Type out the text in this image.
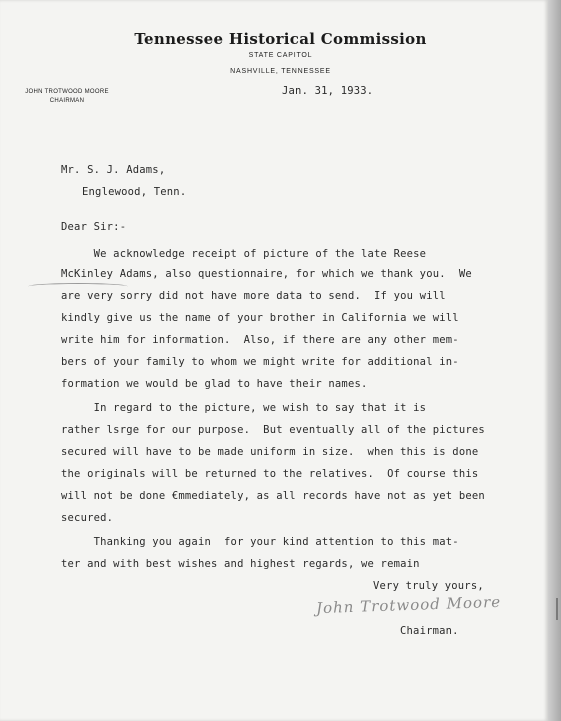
Tennessee Historical Commission
STATE CAPITOL
NASHVILLE, TENNESSEE
JOHN TROTWOOD MOORE
CHAIRMAN
Jan. 31, 1933.
Mr. S. J. Adams,
Englewood, Tenn.
Dear Sir:-
We acknowledge receipt of picture of the late Reese
McKinley Adams, also questionnaire, for which we thank you.  We
are very sorry did not have more data to send.  If you will
kindly give us the name of your brother in California we will
write him for information.  Also, if there are any other mem-
bers of your family to whom we might write for additional in-
formation we would be glad to have their names.
In regard to the picture, we wish to say that it is
rather lsrge for our purpose.  But eventually all of the pictures
secured will have to be made uniform in size.  when this is done
the originals will be returned to the relatives.  Of course this
will not be done €mmediately, as all records have not as yet been
secured.
Thanking you again  for your kind attention to this mat-
ter and with best wishes and highest regards, we remain
Very truly yours,
John Trotwood Moore
Chairman.
